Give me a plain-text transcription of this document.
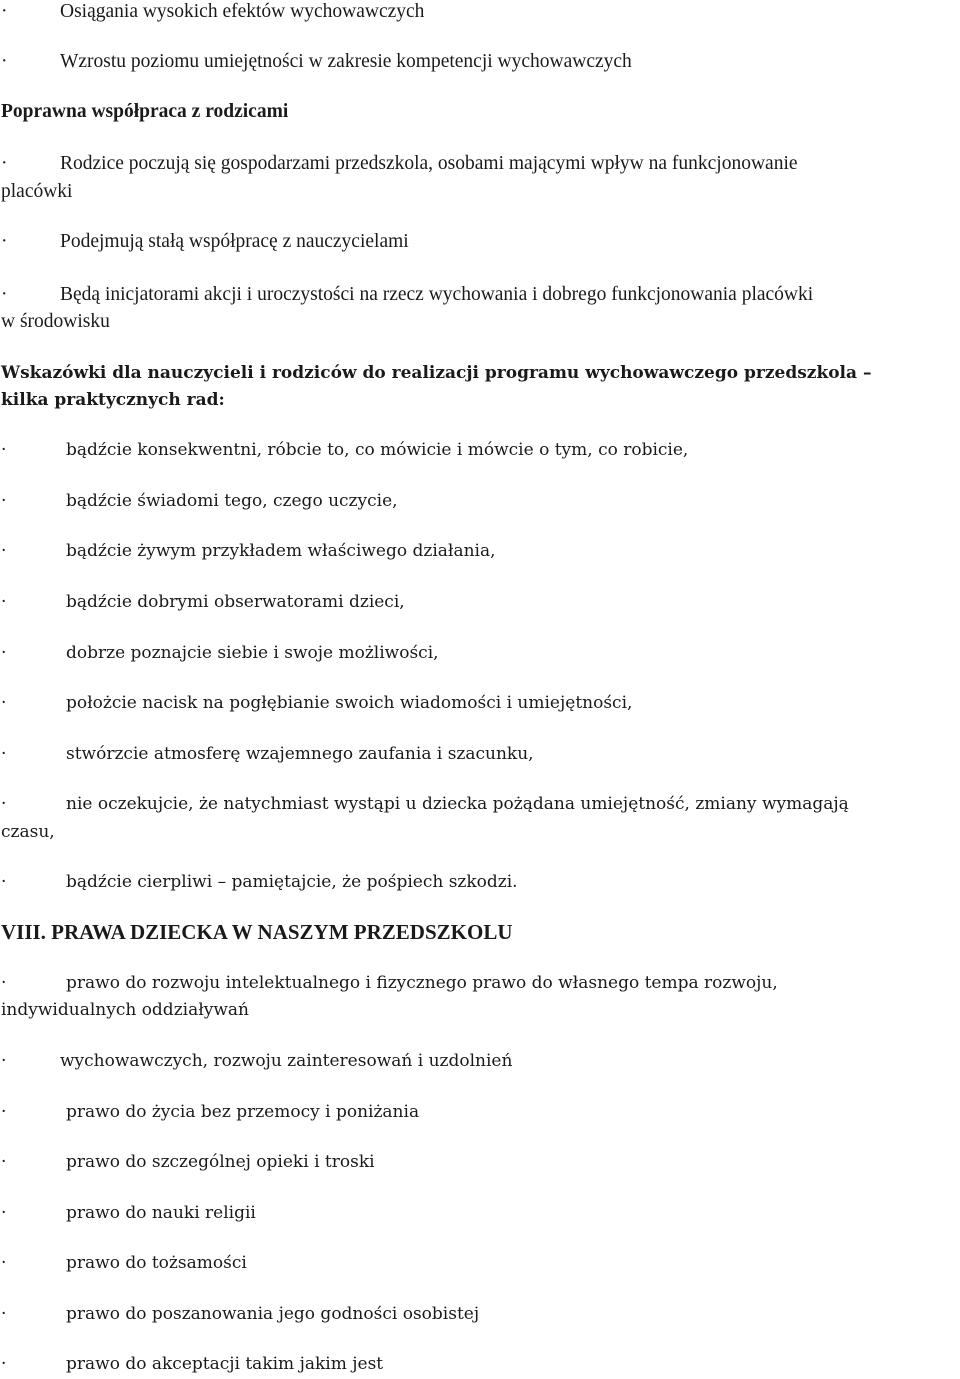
·	Osiągania wysokich efektów wychowawczych
·	Wzrostu poziomu umiejętności w zakresie kompetencji wychowawczych
Poprawna współpraca z rodzicami
·	Rodzice poczują się gospodarzami przedszkola, osobami mającymi wpływ na funkcjonowanie
placówki
·	Podejmują stałą współpracę z nauczycielami
·	Będą inicjatorami akcji i uroczystości na rzecz wychowania i dobrego funkcjonowania placówki
w środowisku
Wskazówki dla nauczycieli i rodziców do realizacji programu wychowawczego przedszkola –
kilka praktycznych rad:
·	bądźcie konsekwentni, róbcie to, co mówicie i mówcie o tym, co robicie,
·	bądźcie świadomi tego, czego uczycie,
·	bądźcie żywym przykładem właściwego działania,
·	bądźcie dobrymi obserwatorami dzieci,
·	dobrze poznajcie siebie i swoje możliwości,
·	położcie nacisk na pogłębianie swoich wiadomości i umiejętności,
·	stwórzcie atmosferę wzajemnego zaufania i szacunku,
·	nie oczekujcie, że natychmiast wystąpi u dziecka pożądana umiejętność, zmiany wymagają
czasu,
·	bądźcie cierpliwi – pamiętajcie, że pośpiech szkodzi.
VIII. PRAWA DZIECKA W NASZYM PRZEDSZKOLU
·	prawo do rozwoju intelektualnego i fizycznego prawo do własnego tempa rozwoju,
indywidualnych oddziaływań
·	wychowawczych, rozwoju zainteresowań i uzdolnień
·	prawo do życia bez przemocy i poniżania
·	prawo do szczególnej opieki i troski
·	prawo do nauki religii
·	prawo do tożsamości
·	prawo do poszanowania jego godności osobistej
·	prawo do akceptacji takim jakim jest
